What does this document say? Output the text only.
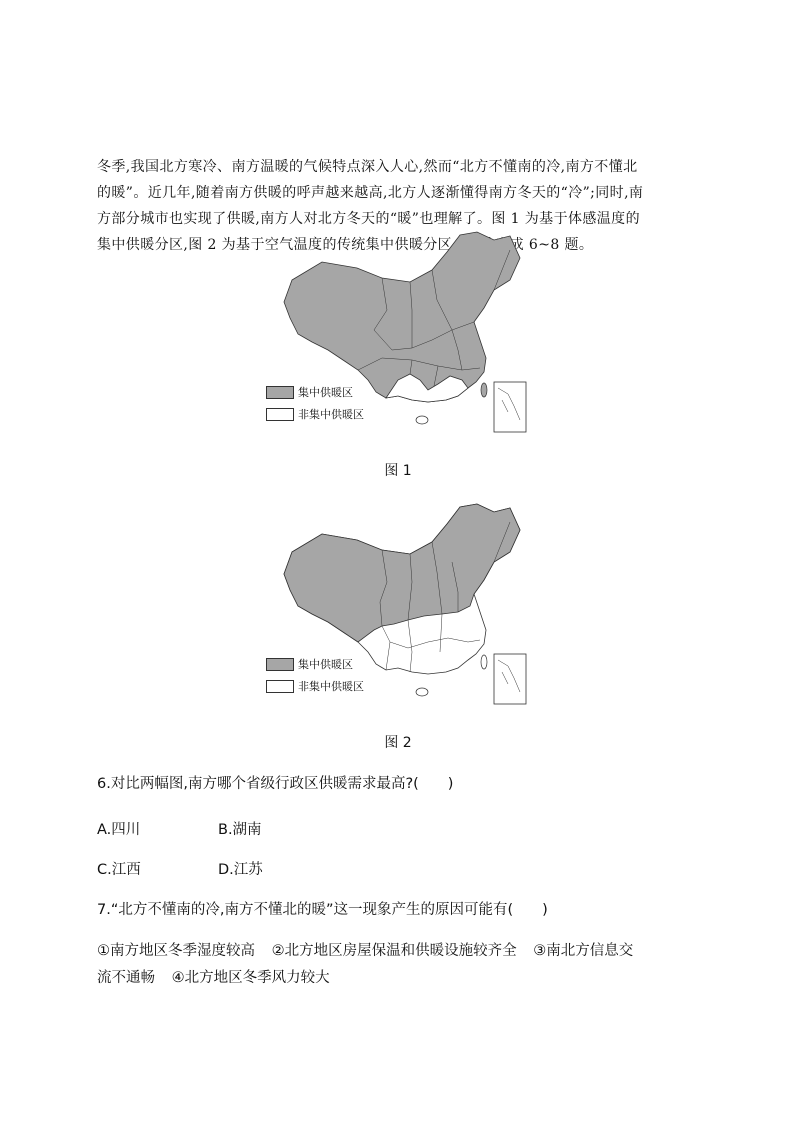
冬季,我国北方寒冷、南方温暖的气候特点深入人心,然而“北方不懂南的冷,南方不懂北

的暖”。近几年,随着南方供暖的呼声越来越高,北方人逐渐懂得南方冬天的“冷”;同时,南

方部分城市也实现了供暖,南方人对北方冬天的“暖”也理解了。图 1 为基于体感温度的

集中供暖分区,图 2 为基于空气温度的传统集中供暖分区。据此完成 6~8 题。

集中供暖区
非集中供暖区
图 1
集中供暖区
非集中供暖区
图 2
6.对比两幅图,南方哪个省级行政区供暖需求最高?(　　)
A.四川	B.湖南
C.江西	D.江苏
7.“北方不懂南的冷,南方不懂北的暖”这一现象产生的原因可能有(　　)
①南方地区冬季湿度较高 ②北方地区房屋保温和供暖设施较齐全 ③南北方信息交
流不通畅 ④北方地区冬季风力较大
